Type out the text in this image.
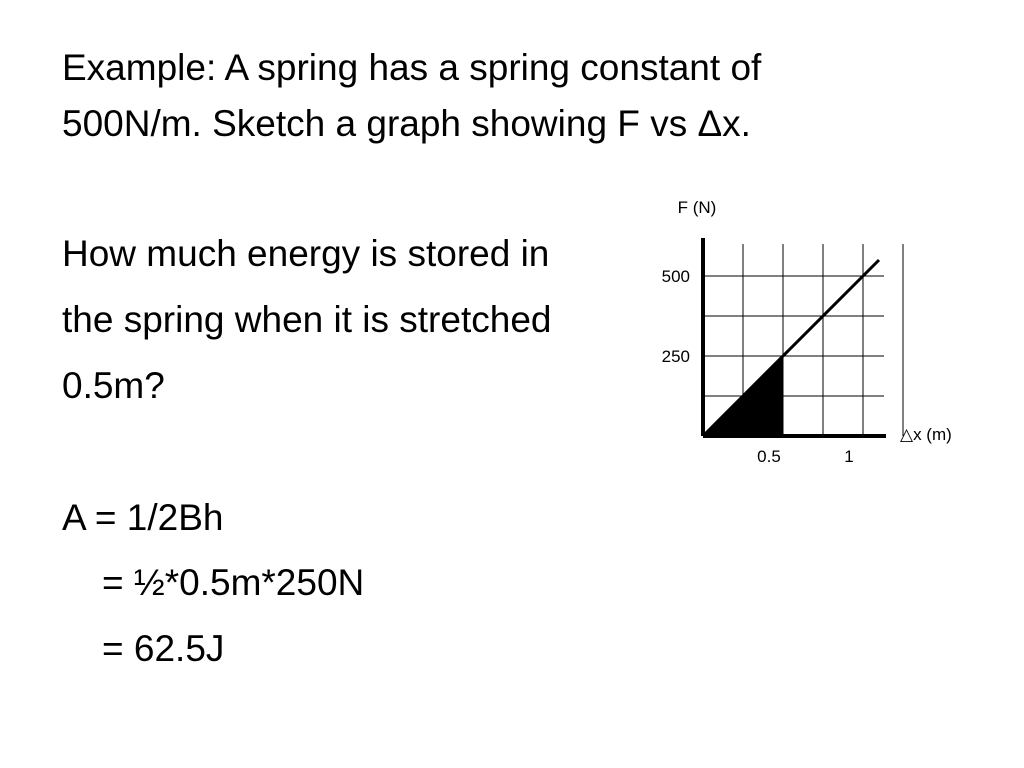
Example: A spring has a spring constant of
500N/m. Sketch a graph showing F vs Δx.
How much energy is stored in
the spring when it is stretched
0.5m?
A = 1/2Bh
= ½*0.5m*250N
= 62.5J
250
500
0.5	1
F (N)
△x (m)
